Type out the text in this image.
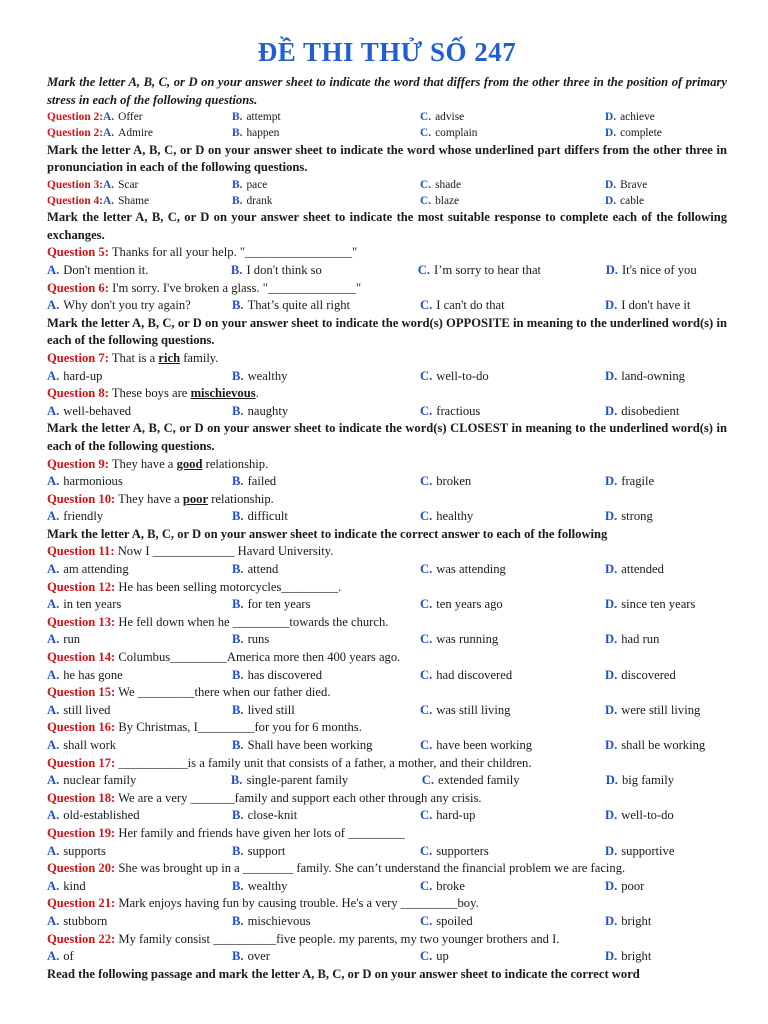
ĐỀ THI THỬ SỐ 247
Mark the letter A, B, C, or D on your answer sheet to indicate the word that differs from the other three in the position of primary stress in each of the following questions.
Question 2: A. Offer	B. attempt	C. advise	D. achieve
Question 2: A. Admire	B. happen	C. complain	D. complete
Mark the letter A, B, C, or D on your answer sheet to indicate the word whose underlined part differs from the other three in pronunciation in each of the following questions.
Question 3: A. Scar	B. pace	C. shade	D. Brave
Question 4: A. Shame	B. drank	C. blaze	D. cable
Mark the letter A, B, C, or D on your answer sheet to indicate the most suitable response to complete each of the following exchanges.
Question 5: Thanks for all your help. "_________________"
A. Don't mention it.	B. I don't think so	C. I’m sorry to hear that	D. It's nice of you
Question 6: I'm sorry. I've broken a glass. "______________"
A. Why don't you try again?	B. That’s quite all right	C. I can't do that	D. I don't have it
Mark the letter A, B, C, or D on your answer sheet to indicate the word(s) OPPOSITE in meaning to the underlined word(s) in each of the following questions.
Question 7: That is a rich family.
A. hard-up	B. wealthy	C. well-to-do	D. land-owning
Question 8: These boys are mischievous.
A. well-behaved	B. naughty	C. fractious	D. disobedient
Mark the letter A, B, C, or D on your answer sheet to indicate the word(s) CLOSEST in meaning to the underlined word(s) in each of the following questions.
Question 9: They have a good relationship.
A. harmonious	B. failed	C. broken	D. fragile
Question 10: They have a poor relationship.
A. friendly	B. difficult	C. healthy	D. strong
Mark the letter A, B, C, or D on your answer sheet to indicate the correct answer to each of the following
Question 11: Now I _____________ Havard University.
A. am attending	B. attend	C. was attending	D. attended
Question 12: He has been selling motorcycles_________.
A. in ten years	B. for ten years	C. ten years ago	D. since ten years
Question 13: He fell down when he _________towards the church.
A. run	B. runs	C. was running	D. had run
Question 14: Columbus_________America more then 400 years ago.
A. he has gone	B. has discovered	C. had discovered	D. discovered
Question 15: We _________there when our father died.
A. still lived	B. lived still	C. was still living	D. were still living
Question 16: By Christmas, I_________for you for 6 months.
A. shall work	B. Shall have been working	C. have been working	D. shall be working
Question 17: ___________is a family unit that consists of a father, a mother, and their children.
A. nuclear family	B. single-parent family	C. extended family	D. big family
Question 18: We are a very _______family and support each other through any crisis.
A. old-established	B. close-knit	C. hard-up	D. well-to-do
Question 19: Her family and friends have given her lots of _________
A. supports	B. support	C. supporters	D. supportive
Question 20: She was brought up in a ________ family. She can’t understand the financial problem we are facing.
A. kind	B. wealthy	C. broke	D. poor
Question 21: Mark enjoys having fun by causing trouble. He's a very _________boy.
A. stubborn	B. mischievous	C. spoiled	D. bright
Question 22: My family consist __________five people. my parents, my two younger brothers and I.
A. of	B. over	C. up	D. bright
Read the following passage and mark the letter A, B, C, or D on your answer sheet to indicate the correct word
